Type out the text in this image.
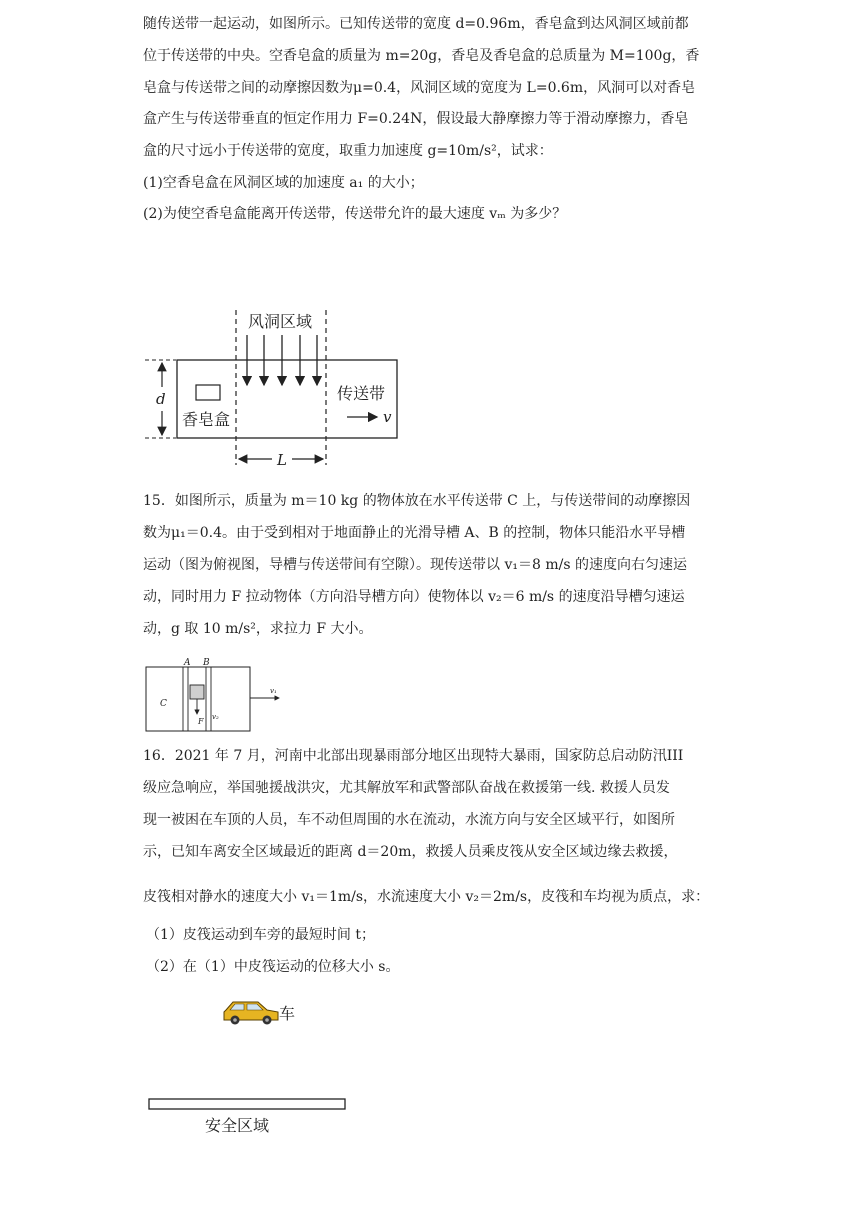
随传送带一起运动，如图所示。已知传送带的宽度 d=0.96m，香皂盒到达风洞区域前都
位于传送带的中央。空香皂盒的质量为 m=20g，香皂及香皂盒的总质量为 M=100g，香
皂盒与传送带之间的动摩擦因数为μ=0.4，风洞区域的宽度为 L=0.6m，风洞可以对香皂
盒产生与传送带垂直的恒定作用力 F=0.24N，假设最大静摩擦力等于滑动摩擦力，香皂
盒的尺寸远小于传送带的宽度，取重力加速度 g=10m/s²，试求：
(1)空香皂盒在风洞区域的加速度 a₁ 的大小；
(2)为使空香皂盒能离开传送带，传送带允许的最大速度 vₘ 为多少？
风洞区域
d
香皂盒
传送带
v
L
15．如图所示，质量为 m＝10 kg 的物体放在水平传送带 C 上，与传送带间的动摩擦因
数为μ₁＝0.4。由于受到相对于地面静止的光滑导槽 A、B 的控制，物体只能沿水平导槽
运动（图为俯视图，导槽与传送带间有空隙）。现传送带以 v₁＝8 m/s 的速度向右匀速运
动，同时用力 F 拉动物体（方向沿导槽方向）使物体以 v₂＝6 m/s 的速度沿导槽匀速运
动，g 取 10 m/s²，求拉力 F 大小。
A B
C
v₁
v₂
F
16．2021 年 7 月，河南中北部出现暴雨部分地区出现特大暴雨，国家防总启动防汛III
级应急响应，举国驰援战洪灾，尤其解放军和武警部队奋战在救援第一线. 救援人员发
现一被困在车顶的人员，车不动但周围的水在流动，水流方向与安全区域平行，如图所
示，已知车离安全区域最近的距离 d＝20m，救援人员乘皮筏从安全区域边缘去救援，
皮筏相对静水的速度大小 v₁＝1m/s，水流速度大小 v₂＝2m/s，皮筏和车均视为质点，求：
（1）皮筏运动到车旁的最短时间 t；
（2）在（1）中皮筏运动的位移大小 s。
车
安全区域
